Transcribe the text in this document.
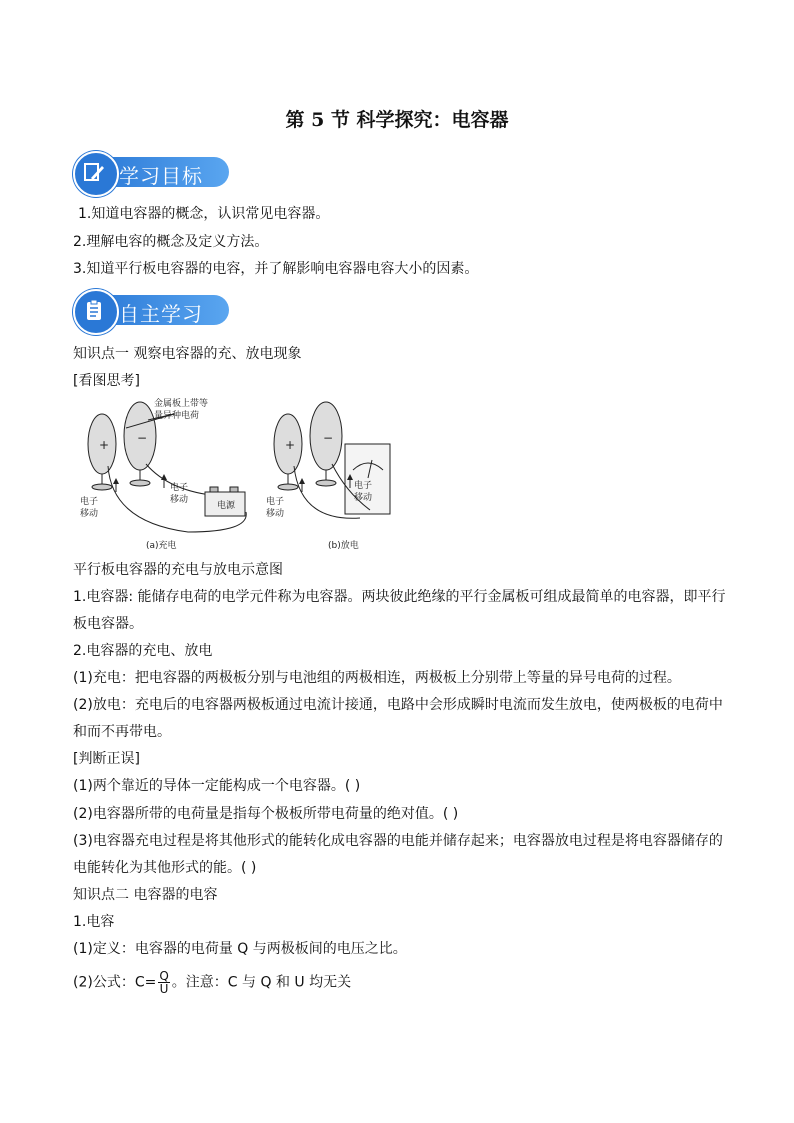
第 5 节 科学探究：电容器
学习目标
1.知道电容器的概念，认识常见电容器。
2.理解电容的概念及定义方法。
3.知道平行板电容器的电容，并了解影响电容器电容大小的因素。
自主学习
知识点一 观察电容器的充、放电现象
[看图思考]
+ −	+ −
金属板上带等
量异种电荷
电子
移动
电子
移动
电源
(a)充电
电子
移动
电子
移动
(b)放电
平行板电容器的充电与放电示意图
1.电容器: 能储存电荷的电学元件称为电容器。两块彼此绝缘的平行金属板可组成最简单的电容器，即平行
板电容器。
2.电容器的充电、放电
(1)充电：把电容器的两极板分别与电池组的两极相连，两极板上分别带上等量的异号电荷的过程。
(2)放电：充电后的电容器两极板通过电流计接通，电路中会形成瞬时电流而发生放电，使两极板的电荷中
和而不再带电。
[判断正误]
(1)两个靠近的导体一定能构成一个电容器。( )
(2)电容器所带的电荷量是指每个极板所带电荷量的绝对值。( )
(3)电容器充电过程是将其他形式的能转化成电容器的电能并储存起来；电容器放电过程是将电容器储存的
电能转化为其他形式的能。( )
知识点二 电容器的电容
1.电容
(1)定义：电容器的电荷量 Q 与两极板间的电压之比。
(2)公式：$C= \frac{Q}{U}$ 。注意：C 与 Q 和 U 均无关
